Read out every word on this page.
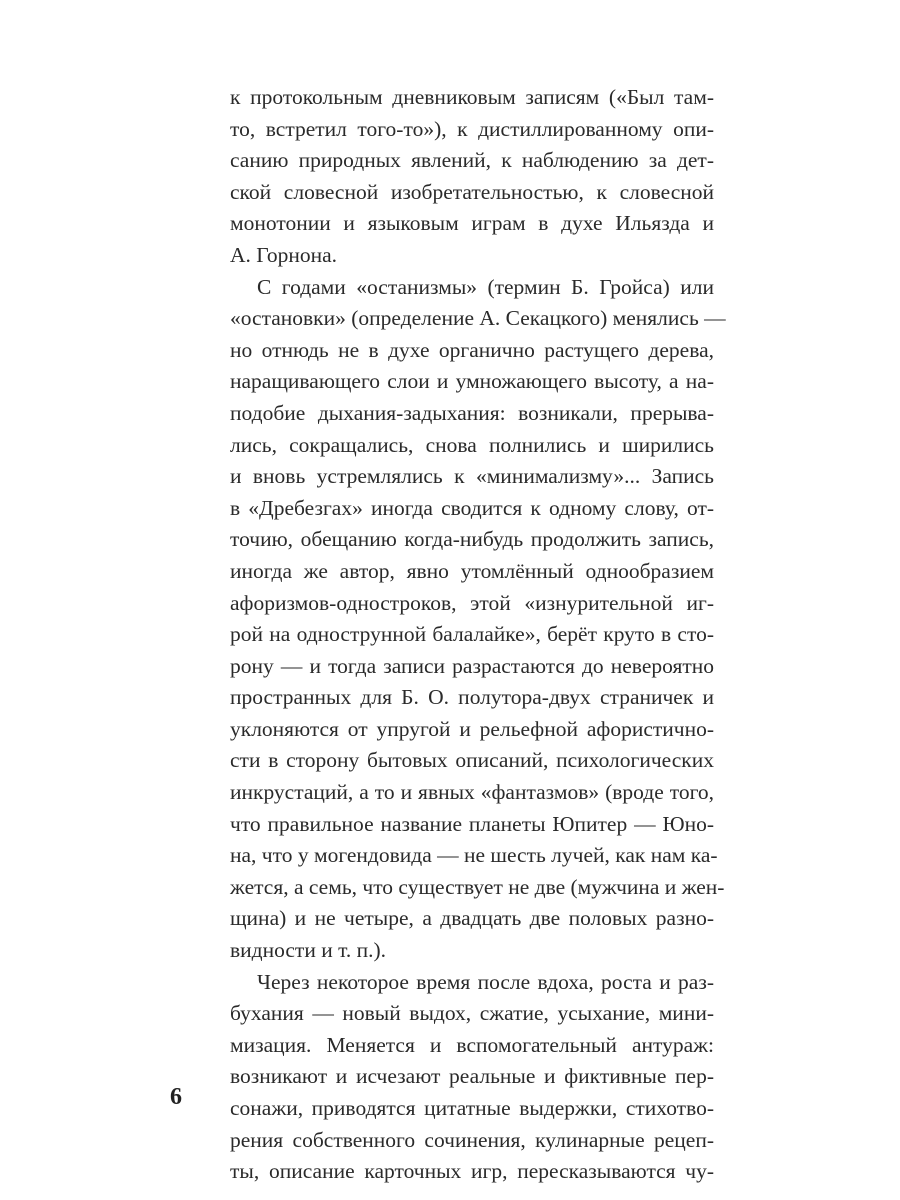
к протокольным дневниковым записям («Был там-
то, встретил того-то»), к дистиллированному опи-
санию природных явлений, к наблюдению за дет-
ской словесной изобретательностью, к словесной
монотонии и языковым играм в духе Ильязда и
А. Горнона.
С годами «останизмы» (термин Б. Гройса) или
«остановки» (определение А. Секацкого) менялись —
но отнюдь не в духе органично растущего дерева,
наращивающего слои и умножающего высоту, а на-
подобие дыхания-задыхания: возникали, прерыва-
лись, сокращались, снова полнились и ширились
и вновь устремлялись к «минимализму»... Запись
в «Дребезгах» иногда сводится к одному слову, от-
точию, обещанию когда-нибудь продолжить запись,
иногда же автор, явно утомлённый однообразием
афоризмов-одностроков, этой «изнурительной иг-
рой на однострунной балалайке», берёт круто в сто-
рону — и тогда записи разрастаются до невероятно
пространных для Б. О. полутора-двух страничек и
уклоняются от упругой и рельефной афористично-
сти в сторону бытовых описаний, психологических
инкрустаций, а то и явных «фантазмов» (вроде того,
что правильное название планеты Юпитер — Юно-
на, что у могендовида — не шесть лучей, как нам ка-
жется, а семь, что существует не две (мужчина и жен-
щина) и не четыре, а двадцать две половых разно-
видности и т. п.).
Через некоторое время после вдоха, роста и раз-
бухания — новый выдох, сжатие, усыхание, мини-
мизация. Меняется и вспомогательный антураж:
возникают и исчезают реальные и фиктивные пер-
сонажи, приводятся цитатные выдержки, стихотво-
рения собственного сочинения, кулинарные рецеп-
ты, описание карточных игр, пересказываются чу-
6
